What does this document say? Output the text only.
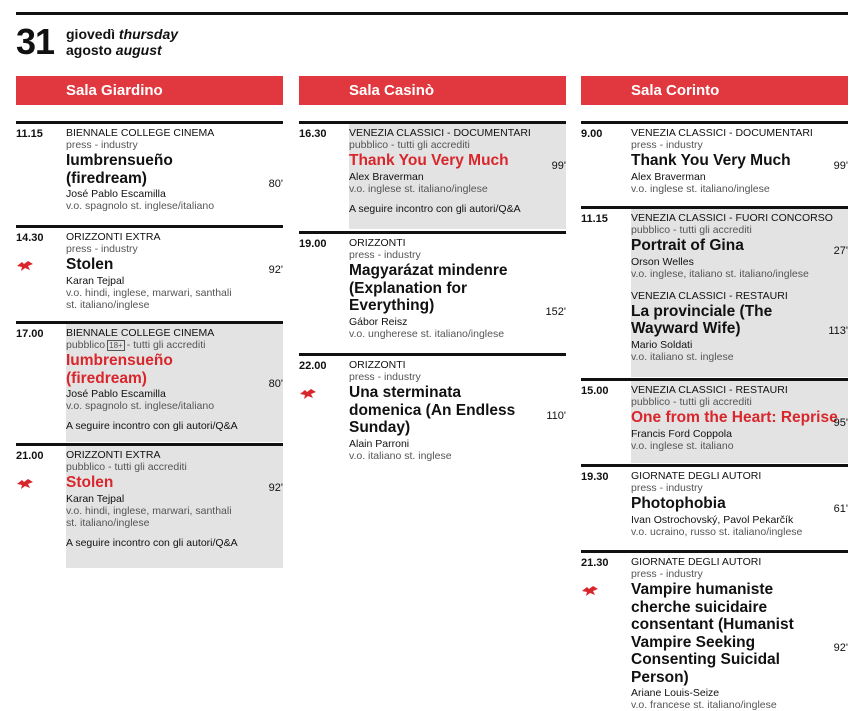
31 giovedì thursday
agosto august
Sala Giardino
11.15 BIENNALE COLLEGE CINEMA
press - industry
Iumbrensueño (firedream)	80'
José Pablo Escamilla
v.o. spagnolo st. inglese/italiano
14.30 ORIZZONTI EXTRA
press - industry
Stolen	92'
Karan Tejpal
v.o. hindi, inglese, marwari, santhali
st. italiano/inglese
17.00 BIENNALE COLLEGE CINEMA
pubblico 18+ - tutti gli accrediti
Iumbrensueño (firedream)	80'
José Pablo Escamilla
v.o. spagnolo st. inglese/italiano
A seguire incontro con gli autori/Q&A
21.00 ORIZZONTI EXTRA
pubblico - tutti gli accrediti
Stolen	92'
Karan Tejpal
v.o. hindi, inglese, marwari, santhali
st. italiano/inglese
A seguire incontro con gli autori/Q&A
Sala Casinò
16.30 VENEZIA CLASSICI - DOCUMENTARI
pubblico - tutti gli accrediti
Thank You Very Much	99'
Alex Braverman
v.o. inglese st. italiano/inglese
A seguire incontro con gli autori/Q&A
19.00 ORIZZONTI
press - industry
Magyarázat mindenre (Explanation for Everything)	152'
Gábor Reisz
v.o. ungherese st. italiano/inglese
22.00 ORIZZONTI
press - industry
Una sterminata domenica (An Endless Sunday)
110'
Alain Parroni
v.o. italiano st. inglese
Sala Corinto
9.00	VENEZIA CLASSICI - DOCUMENTARI
press - industry
Thank You Very Much	99'
Alex Braverman
v.o. inglese st. italiano/inglese
11.15 VENEZIA CLASSICI - FUORI CONCORSO
pubblico - tutti gli accrediti
Portrait of Gina	27'
Orson Welles
v.o. inglese, italiano st. italiano/inglese
VENEZIA CLASSICI - RESTAURI
La provinciale (The Wayward Wife)	113'
Mario Soldati
v.o. italiano st. inglese
15.00 VENEZIA CLASSICI - RESTAURI
pubblico - tutti gli accrediti
One from the Heart: Reprise
95'
Francis Ford Coppola
v.o. inglese st. italiano
19.30 GIORNATE DEGLI AUTORI
press - industry
Photophobia	61'
Ivan Ostrochovský, Pavol Pekarčík
v.o. ucraino, russo st. italiano/inglese
21.30 GIORNATE DEGLI AUTORI
press - industry
Vampire humaniste cherche suicidaire consentant (Humanist Vampire Seeking Consenting Suicidal Person)
92'
Ariane Louis-Seize
v.o. francese st. italiano/inglese
